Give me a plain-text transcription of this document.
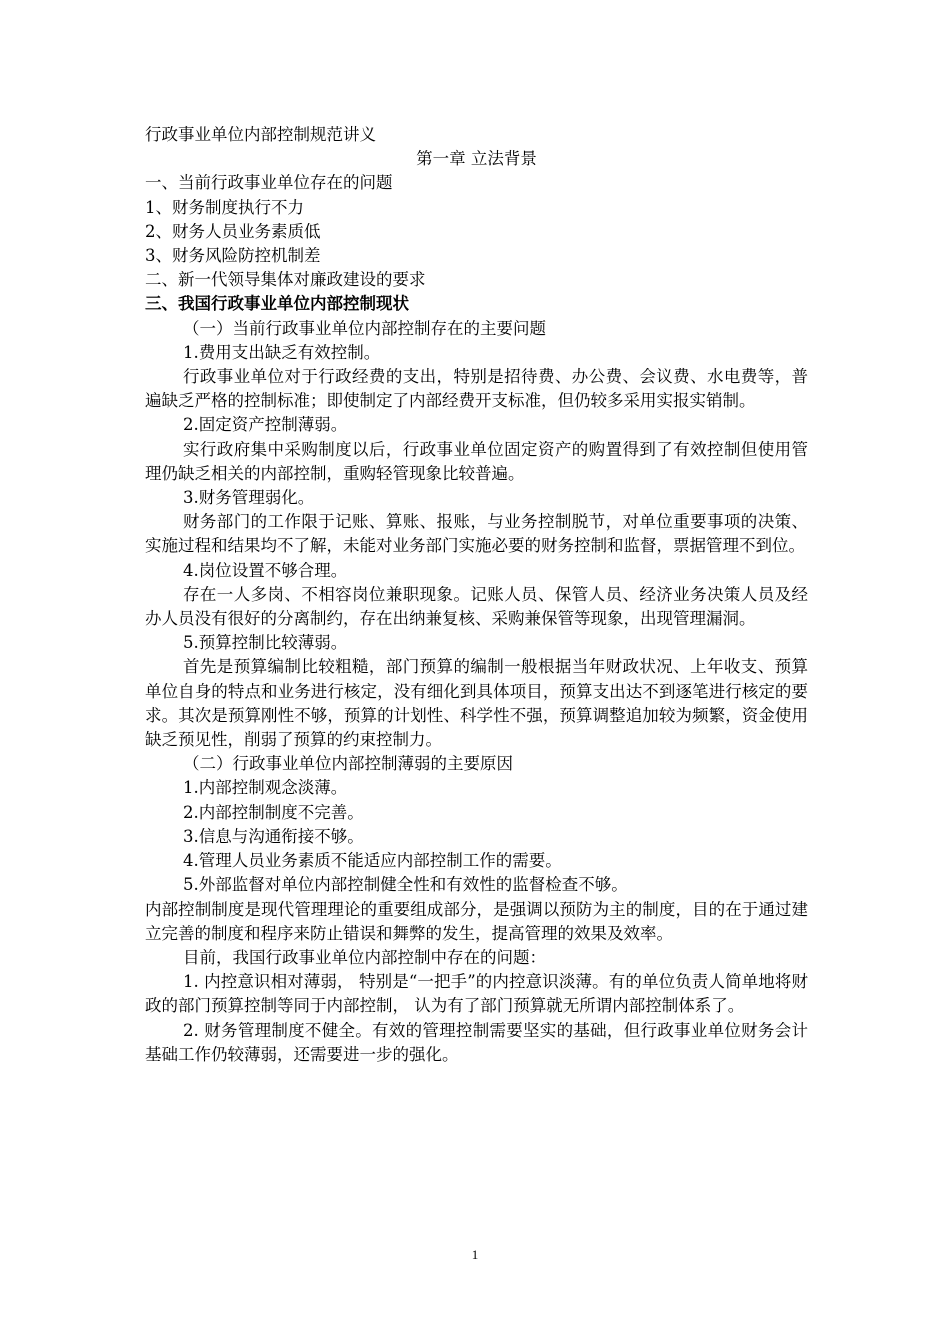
行政事业单位内部控制规范讲义
第一章 立法背景
一、当前行政事业单位存在的问题
1、财务制度执行不力
2、财务人员业务素质低
3、财务风险防控机制差
二、新一代领导集体对廉政建设的要求
三、我国行政事业单位内部控制现状
（一）当前行政事业单位内部控制存在的主要问题
1.费用支出缺乏有效控制。
行政事业单位对于行政经费的支出，特别是招待费、办公费、会议费、水电费等，普遍缺乏严格的控制标准；即使制定了内部经费开支标准，但仍较多采用实报实销制。
2.固定资产控制薄弱。
实行政府集中采购制度以后，行政事业单位固定资产的购置得到了有效控制但使用管理仍缺乏相关的内部控制，重购轻管现象比较普遍。
3.财务管理弱化。
财务部门的工作限于记账、算账、报账，与业务控制脱节，对单位重要事项的决策、实施过程和结果均不了解，未能对业务部门实施必要的财务控制和监督，票据管理不到位。
4.岗位设置不够合理。
存在一人多岗、不相容岗位兼职现象。记账人员、保管人员、经济业务决策人员及经办人员没有很好的分离制约，存在出纳兼复核、采购兼保管等现象，出现管理漏洞。
5.预算控制比较薄弱。
首先是预算编制比较粗糙，部门预算的编制一般根据当年财政状况、上年收支、预算单位自身的特点和业务进行核定，没有细化到具体项目，预算支出达不到逐笔进行核定的要求。其次是预算刚性不够，预算的计划性、科学性不强，预算调整追加较为频繁，资金使用缺乏预见性，削弱了预算的约束控制力。
（二）行政事业单位内部控制薄弱的主要原因
1.内部控制观念淡薄。
2.内部控制制度不完善。
3.信息与沟通衔接不够。
4.管理人员业务素质不能适应内部控制工作的需要。
5.外部监督对单位内部控制健全性和有效性的监督检查不够。
内部控制制度是现代管理理论的重要组成部分，是强调以预防为主的制度，目的在于通过建立完善的制度和程序来防止错误和舞弊的发生，提高管理的效果及效率。
目前，我国行政事业单位内部控制中存在的问题：
1. 内控意识相对薄弱， 特别是“一把手”的内控意识淡薄。有的单位负责人简单地将财政的部门预算控制等同于内部控制， 认为有了部门预算就无所谓内部控制体系了。
2. 财务管理制度不健全。有效的管理控制需要坚实的基础，但行政事业单位财务会计基础工作仍较薄弱，还需要进一步的强化。
1
